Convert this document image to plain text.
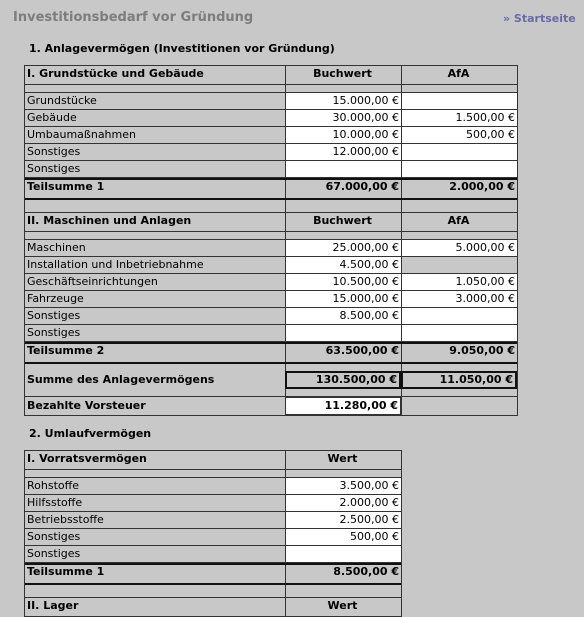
Investitionsbedarf vor Gründung	» Startseite
1. Anlagevermögen (Investitionen vor Gründung)
I. Grundstücke und Gebäude	Buchwert	AfA
Grundstücke	15.000,00 €
Gebäude	30.000,00 €	1.500,00 €
Umbaumaßnahmen	10.000,00 €	500,00 €
Sonstiges	12.000,00 €
Sonstiges
Teilsumme 1	67.000,00 €	2.000,00 €
II. Maschinen und Anlagen	Buchwert	AfA
Maschinen	25.000,00 €	5.000,00 €
Installation und Inbetriebnahme	4.500,00 €
Geschäftseinrichtungen	10.500,00 €	1.050,00 €
Fahrzeuge	15.000,00 €	3.000,00 €
Sonstiges	8.500,00 €
Sonstiges
Teilsumme 2	63.500,00 €	9.050,00 €
Summe des Anlagevermögens	130.500,00 €	11.050,00 €
Bezahlte Vorsteuer	11.280,00 €
2. Umlaufvermögen
I. Vorratsvermögen	Wert
Rohstoffe	3.500,00 €
Hilfsstoffe	2.000,00 €
Betriebsstoffe	2.500,00 €
Sonstiges	500,00 €
Sonstiges
Teilsumme 1	8.500,00 €
II. Lager	Wert
